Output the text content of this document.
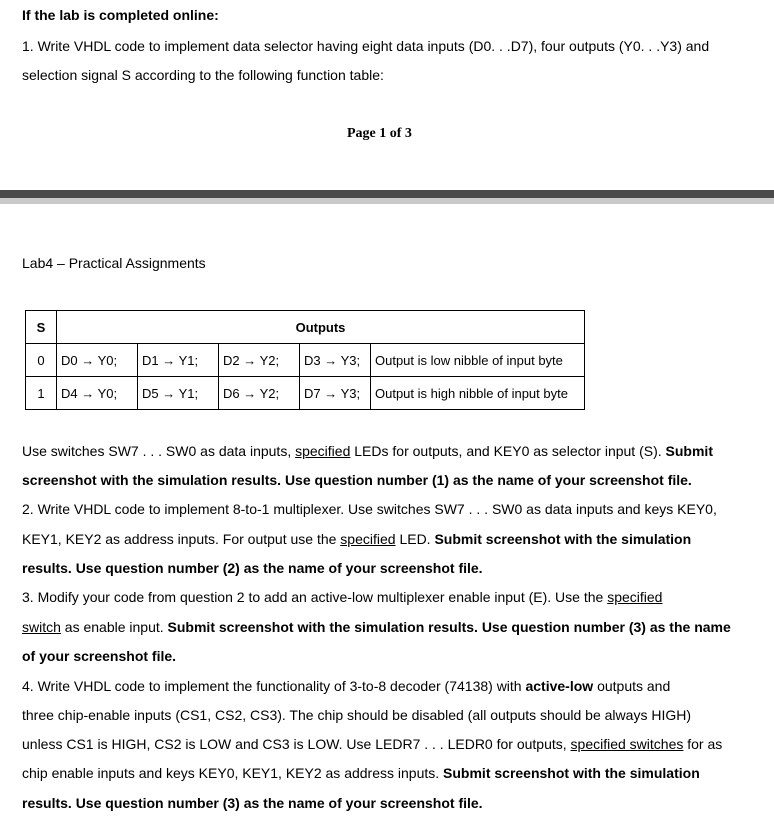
If the lab is completed online:
1. Write VHDL code to implement data selector having eight data inputs (D0. . .D7), four outputs (Y0. . .Y3) and
selection signal S according to the following function table:
Page 1 of 3
Lab4 – Practical Assignments
S	Outputs				
0	D0 → Y0;	D1 → Y1;	D2 → Y2;	D3 → Y3;	Output is low nibble of input byte
1	D4 → Y0;	D5 → Y1;	D6 → Y2;	D7 → Y3;	Output is high nibble of input byte
Use switches SW7 . . . SW0 as data inputs, specified LEDs for outputs, and KEY0 as selector input (S). Submit
screenshot with the simulation results. Use question number (1) as the name of your screenshot file.
2. Write VHDL code to implement 8-to-1 multiplexer. Use switches SW7 . . . SW0 as data inputs and keys KEY0,
KEY1, KEY2 as address inputs. For output use the specified LED. Submit screenshot with the simulation
results. Use question number (2) as the name of your screenshot file.
3. Modify your code from question 2 to add an active-low multiplexer enable input (E). Use the specified
switch as enable input. Submit screenshot with the simulation results. Use question number (3) as the name
of your screenshot file.
4. Write VHDL code to implement the functionality of 3-to-8 decoder (74138) with active-low outputs and
three chip-enable inputs (CS1, CS2, CS3). The chip should be disabled (all outputs should be always HIGH)
unless CS1 is HIGH, CS2 is LOW and CS3 is LOW. Use LEDR7 . . . LEDR0 for outputs, specified switches for as
chip enable inputs and keys KEY0, KEY1, KEY2 as address inputs. Submit screenshot with the simulation
results. Use question number (3) as the name of your screenshot file.
